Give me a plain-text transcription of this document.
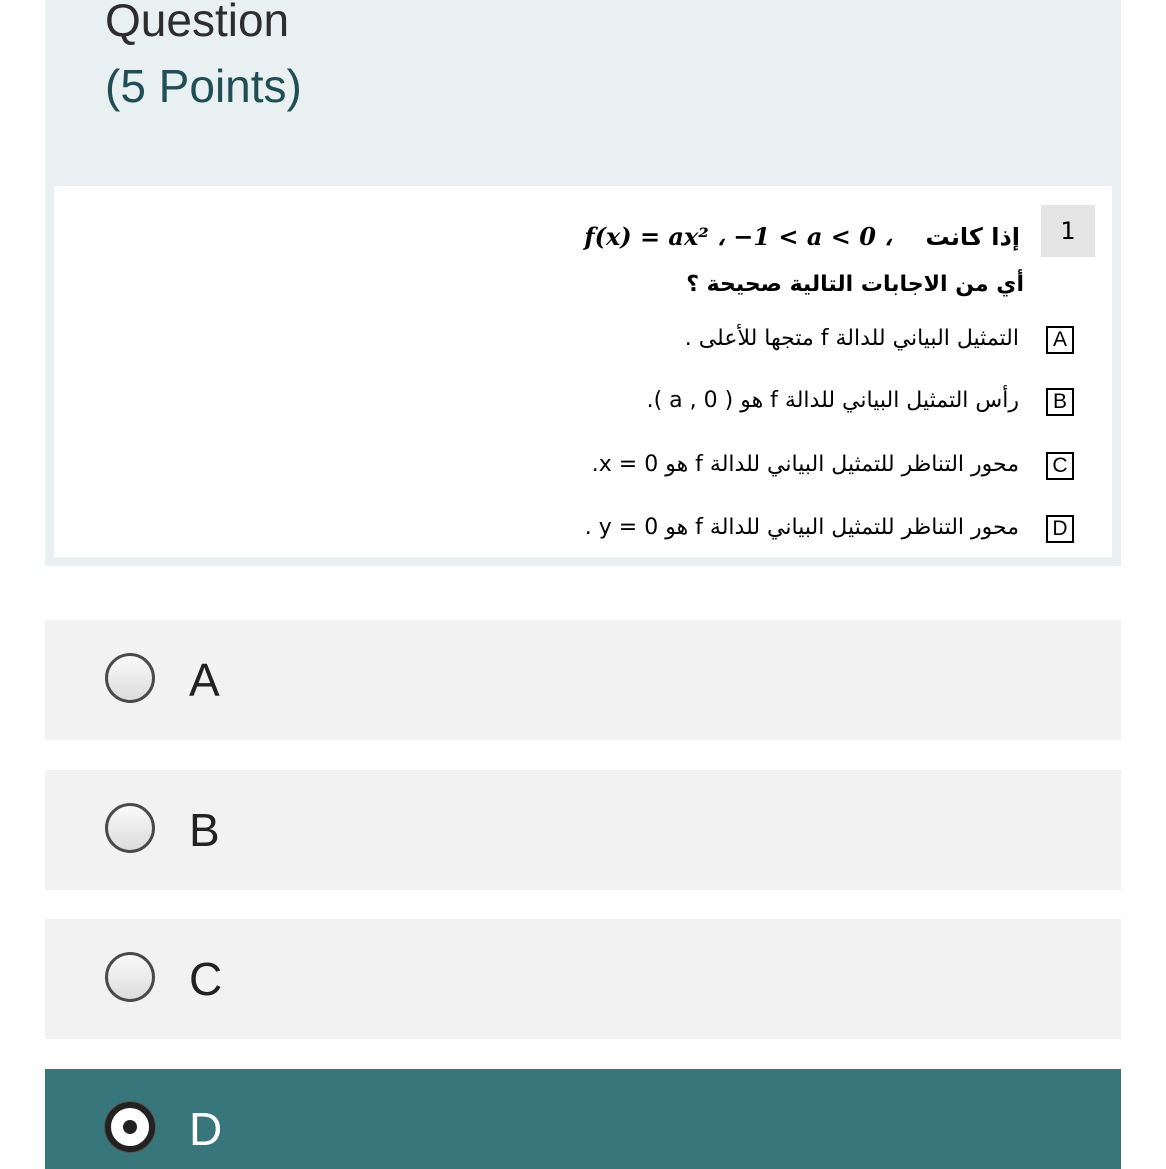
Question
(5 Points)
1
إذا كانت    f(x) = ax² ، −1 < a < 0 ،
أي من الاجابات التالية صحيحة ؟
A
التمثيل البياني للدالة f متجها للأعلى .
B
رأس التمثيل البياني للدالة f هو ( a , 0 ).
C
محور التناظر للتمثيل البياني للدالة f هو x = 0.
D
محور التناظر للتمثيل البياني للدالة f هو y = 0 .
A
B
C
D
